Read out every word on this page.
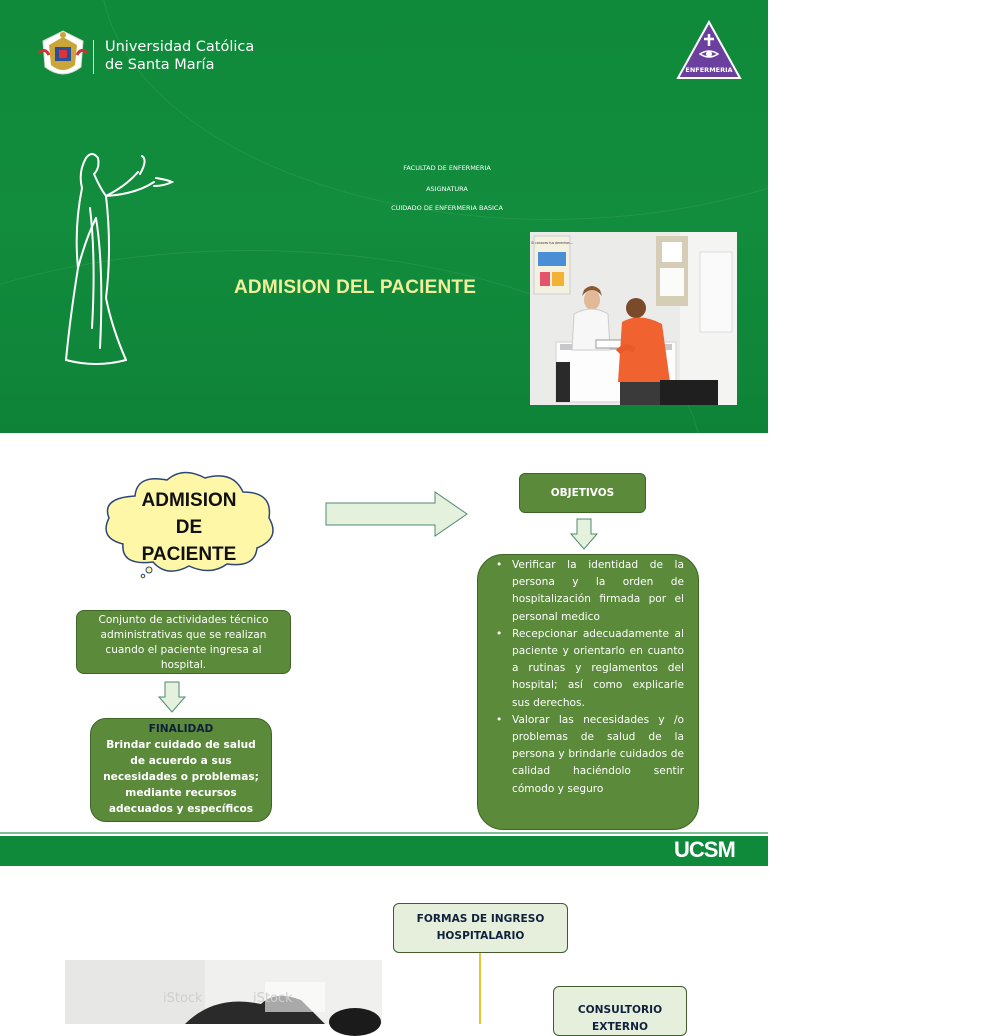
Universidad Católica
de Santa María	ENFERMERIA
FACULTAD DE ENFERMERIA
ASIGNATURA
CUIDADO DE ENFERMERIA BASICA
ADMISION DEL PACIENTE
Si conoces tus derechos...
ADMISION
DE
PACIENTE
Conjunto de actividades técnico administrativas que se realizan cuando el paciente ingresa al hospital.
FINALIDAD
Brindar cuidado de salud de acuerdo a sus necesidades o problemas; mediante recursos adecuados y específicos
OBJETIVOS
• Verificar la identidad de la persona y la orden de hospitalización firmada por el personal medico
• Recepcionar adecuadamente al paciente y orientarlo en cuanto a rutinas y reglamentos del hospital; así como explicarle sus derechos.
• Valorar las necesidades y /o problemas de salud de la persona y brindarle cuidados de calidad haciéndolo sentir cómodo y seguro
UCSM
FORMAS DE INGRESO
HOSPITALARIO
CONSULTORIO
EXTERNO
iStock	iStock
